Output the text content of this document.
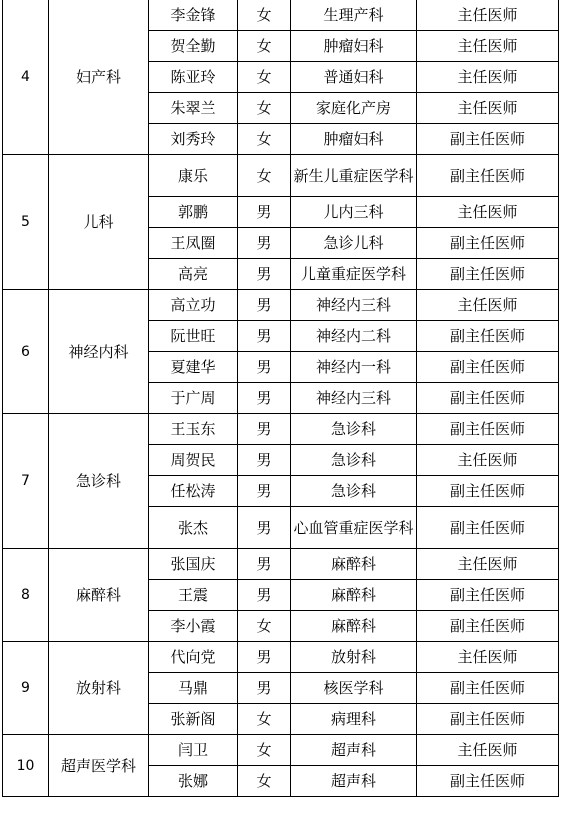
4	妇产科	李金锋	女	生理产科	主任医师
		贺全勤	女	肿瘤妇科	主任医师
		陈亚玲	女	普通妇科	主任医师
		朱翠兰	女	家庭化产房	主任医师
		刘秀玲	女	肿瘤妇科	副主任医师
5	儿科	康乐	女	新生儿重症医学科	副主任医师
		郭鹏	男	儿内三科	主任医师
		王凤圈	男	急诊儿科	副主任医师
		高亮	男	儿童重症医学科	副主任医师
6	神经内科	高立功	男	神经内三科	主任医师
		阮世旺	男	神经内二科	副主任医师
		夏建华	男	神经内一科	副主任医师
		于广周	男	神经内三科	副主任医师
7	急诊科	王玉东	男	急诊科	副主任医师
		周贺民	男	急诊科	主任医师
		任松涛	男	急诊科	副主任医师
		张杰	男	心血管重症医学科	副主任医师
8	麻醉科	张国庆	男	麻醉科	主任医师
		王震	男	麻醉科	副主任医师
		李小霞	女	麻醉科	副主任医师
9	放射科	代向党	男	放射科	主任医师
		马鼎	男	核医学科	副主任医师
		张新阁	女	病理科	副主任医师
10	超声医学科	闫卫	女	超声科	主任医师
		张娜	女	超声科	副主任医师
